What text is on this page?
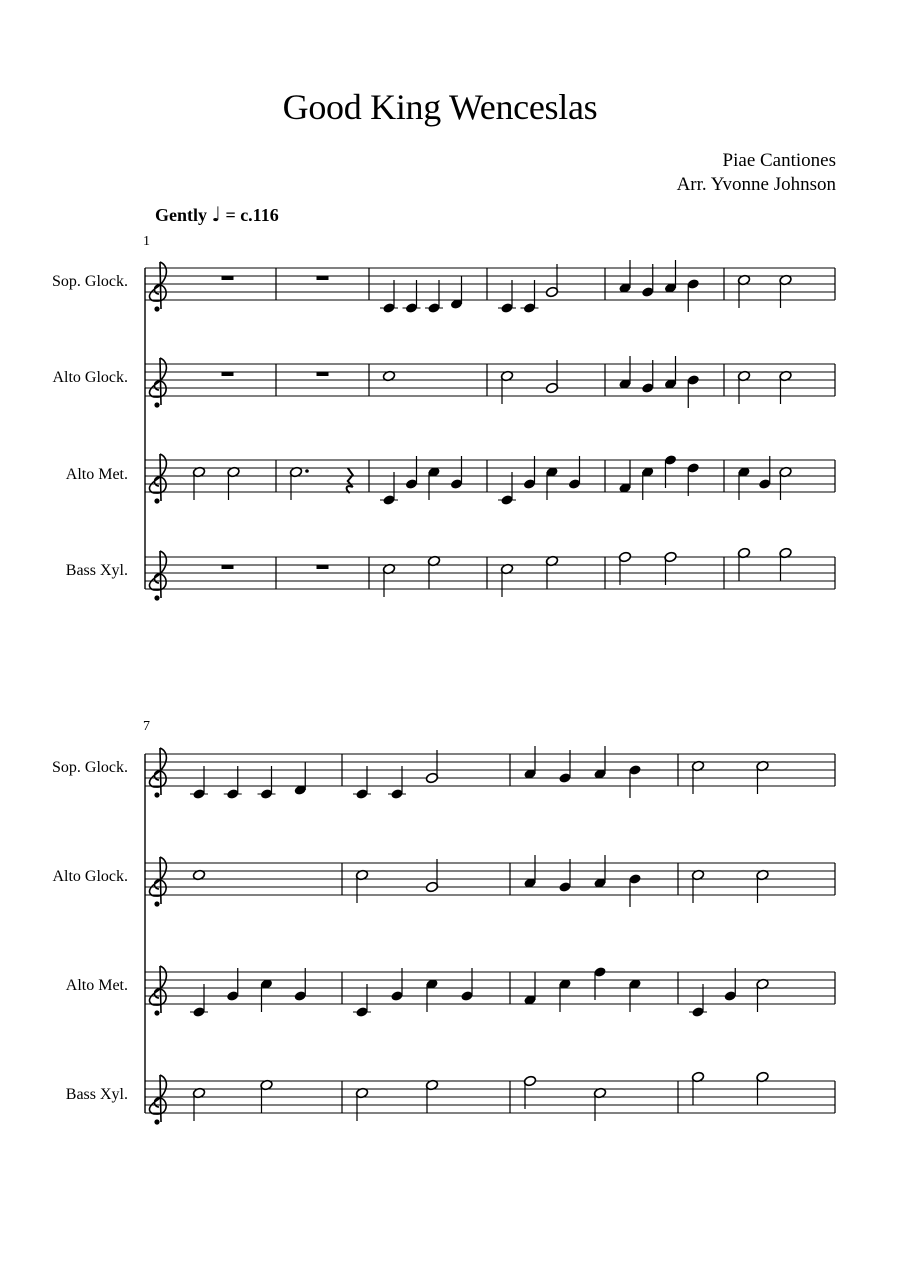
Good King Wenceslas
Piae Cantiones
Arr. Yvonne Johnson
Gently ♩ = c.116
1
7
Sop. Glock.
Alto Glock.
Alto Met.
Bass Xyl.
Sop. Glock.
Alto Glock.
Alto Met.
Bass Xyl.
